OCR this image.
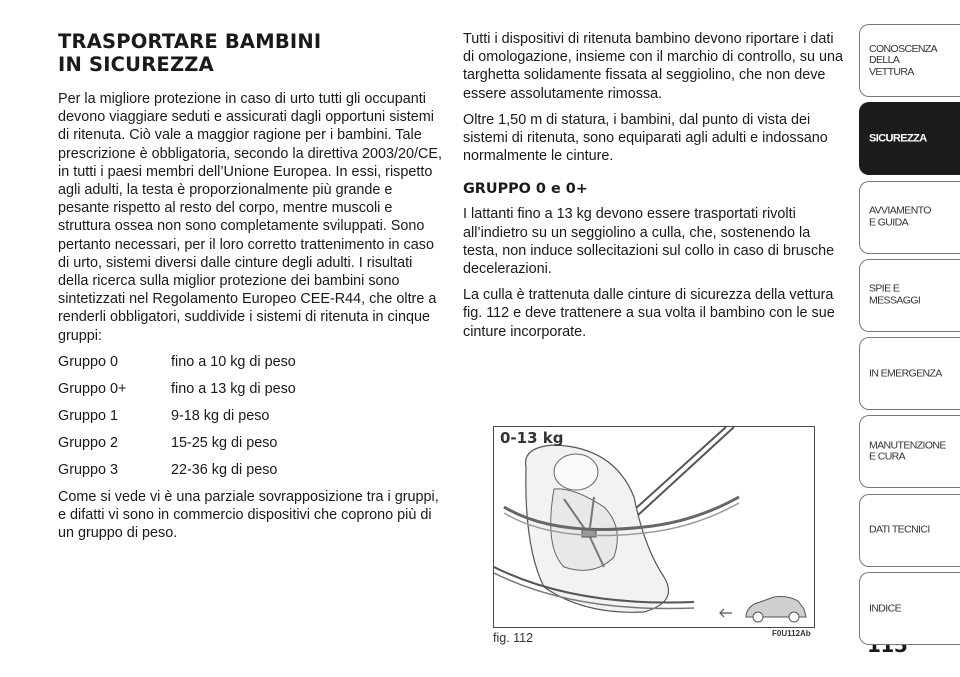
TRASPORTARE BAMBINI
IN SICUREZZA

Per la migliore protezione in caso di urto tutti gli occupanti devono viaggiare seduti e assicurati dagli opportuni sistemi di ritenuta. Ciò vale a maggior ragione per i bambini. Tale prescrizione è obbligatoria, secondo la direttiva 2003/20/CE, in tutti i paesi membri dell’Unione Europea. In essi, rispetto agli adulti, la testa è proporzionalmente più grande e pesante rispetto al resto del corpo, mentre muscoli e struttura ossea non sono completamente sviluppati. Sono pertanto necessari, per il loro corretto trattenimento in caso di urto, sistemi diversi dalle cinture degli adulti. I risultati della ricerca sulla miglior protezione dei bambini sono sintetizzati nel Regolamento Europeo CEE-R44, che oltre a renderli obbligatori, suddivide i sistemi di ritenuta in cinque gruppi:

Gruppo 0	fino a 10 kg di peso
Gruppo 0+	fino a 13 kg di peso
Gruppo 1	9-18 kg di peso
Gruppo 2	15-25 kg di peso
Gruppo 3	22-36 kg di peso

Come si vede vi è una parziale sovrapposizione tra i gruppi, e difatti vi sono in commercio dispositivi che coprono più di un gruppo di peso.

Tutti i dispositivi di ritenuta bambino devono riportare i dati di omologazione, insieme con il marchio di controllo, su una targhetta solidamente fissata al seggiolino, che non deve essere assolutamente rimossa.

Oltre 1,50 m di statura, i bambini, dal punto di vista dei sistemi di ritenuta, sono equiparati agli adulti e indossano normalmente le cinture.

GRUPPO 0 e 0+

I lattanti fino a 13 kg devono essere trasportati rivolti all’indietro su un seggiolino a culla, che, sostenendo la testa, non induce sollecitazioni sul collo in caso di brusche decelerazioni.

La culla è trattenuta dalle cinture di sicurezza della vettura fig. 112 e deve trattenere a sua volta il bambino con le sue cinture incorporate.

0-13 kg
fig. 112	F0U112Ab
CONOSCENZA
DELLA
VETTURA
SICUREZZA
AVVIAMENTO
E GUIDA
SPIE E
MESSAGGI
IN EMERGENZA
MANUTENZIONE
E CURA
DATI TECNICI
INDICE
